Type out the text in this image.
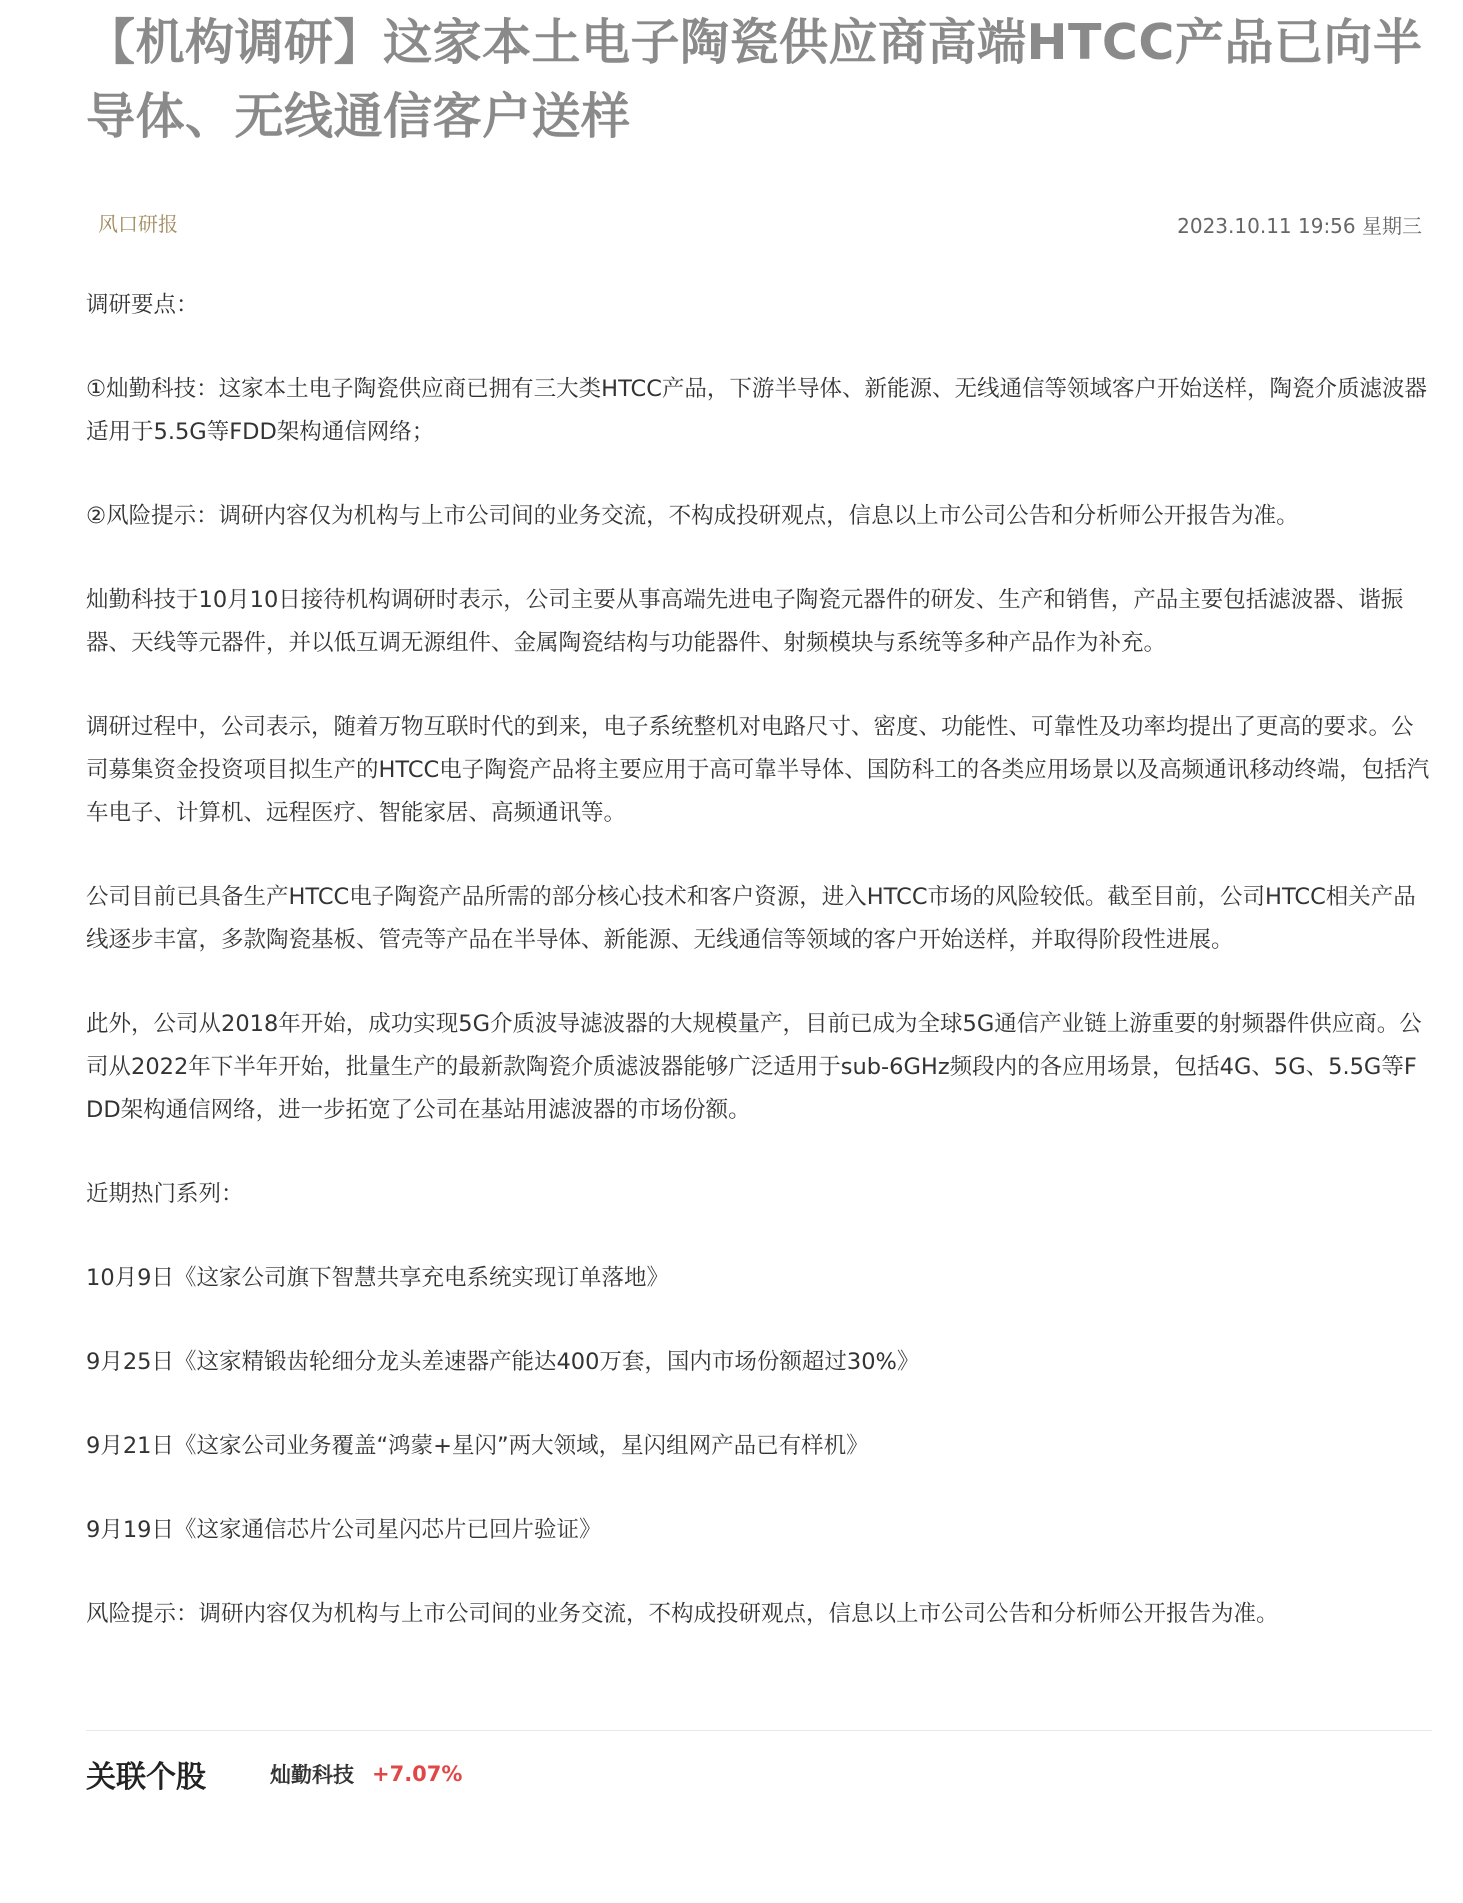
【机构调研】这家本土电子陶瓷供应商高端HTCC产品已向半导体、无线通信客户送样
风口研报	2023.10.11 19:56 星期三

调研要点：

①灿勤科技：这家本土电子陶瓷供应商已拥有三大类HTCC产品，下游半导体、新能源、无线通信等领域客户开始送样，陶瓷介质滤波器适用于5.5G等FDD架构通信网络；

②风险提示：调研内容仅为机构与上市公司间的业务交流，不构成投研观点，信息以上市公司公告和分析师公开报告为准。

灿勤科技于10月10日接待机构调研时表示，公司主要从事高端先进电子陶瓷元器件的研发、生产和销售，产品主要包括滤波器、谐振器、天线等元器件，并以低互调无源组件、金属陶瓷结构与功能器件、射频模块与系统等多种产品作为补充。

调研过程中，公司表示，随着万物互联时代的到来，电子系统整机对电路尺寸、密度、功能性、可靠性及功率均提出了更高的要求。公司募集资金投资项目拟生产的HTCC电子陶瓷产品将主要应用于高可靠半导体、国防科工的各类应用场景以及高频通讯移动终端，包括汽车电子、计算机、远程医疗、智能家居、高频通讯等。

公司目前已具备生产HTCC电子陶瓷产品所需的部分核心技术和客户资源，进入HTCC市场的风险较低。截至目前，公司HTCC相关产品线逐步丰富，多款陶瓷基板、管壳等产品在半导体、新能源、无线通信等领域的客户开始送样，并取得阶段性进展。

此外，公司从2018年开始，成功实现5G介质波导滤波器的大规模量产，目前已成为全球5G通信产业链上游重要的射频器件供应商。公司从2022年下半年开始，批量生产的最新款陶瓷介质滤波器能够广泛适用于sub-6GHz频段内的各应用场景，包括4G、5G、5.5G等FDD架构通信网络，进一步拓宽了公司在基站用滤波器的市场份额。

近期热门系列：

10月9日《这家公司旗下智慧共享充电系统实现订单落地》

9月25日《这家精锻齿轮细分龙头差速器产能达400万套，国内市场份额超过30%》

9月21日《这家公司业务覆盖“鸿蒙+星闪”两大领域，星闪组网产品已有样机》

9月19日《这家通信芯片公司星闪芯片已回片验证》

风险提示：调研内容仅为机构与上市公司间的业务交流，不构成投研观点，信息以上市公司公告和分析师公开报告为准。

关联个股	灿勤科技 +7.07%
